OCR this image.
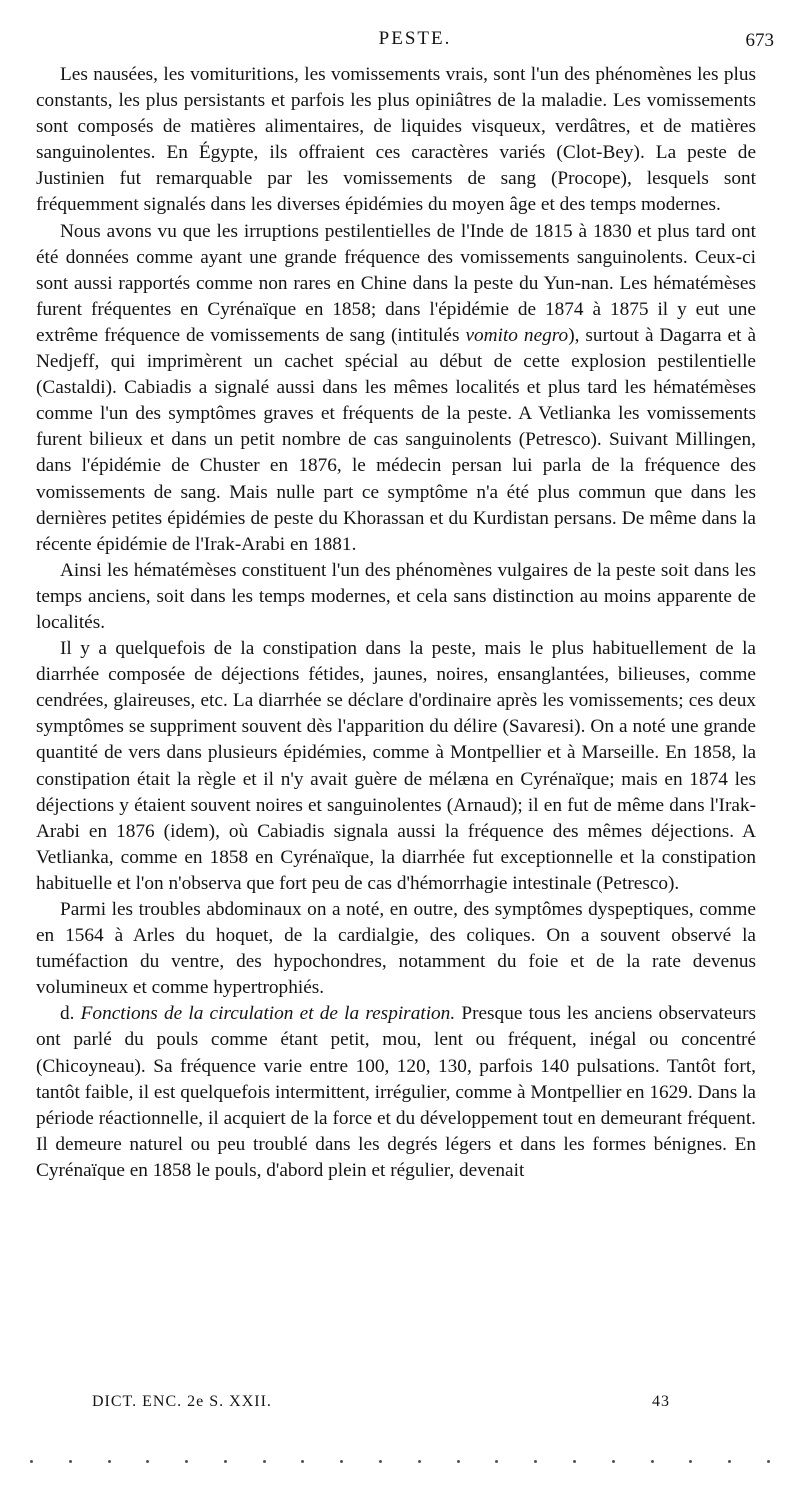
PESTE.	673

Les nausées, les vomituritions, les vomissements vrais, sont l'un des phénomènes les plus constants, les plus persistants et parfois les plus opiniâtres de la maladie. Les vomissements sont composés de matières alimentaires, de liquides visqueux, verdâtres, et de matières sanguinolentes. En Égypte, ils offraient ces caractères variés (Clot-Bey). La peste de Justinien fut remarquable par les vomissements de sang (Procope), lesquels sont fréquemment signalés dans les diverses épidémies du moyen âge et des temps modernes.

Nous avons vu que les irruptions pestilentielles de l'Inde de 1815 à 1830 et plus tard ont été données comme ayant une grande fréquence des vomissements sanguinolents. Ceux-ci sont aussi rapportés comme non rares en Chine dans la peste du Yun-nan. Les hématémèses furent fréquentes en Cyrénaïque en 1858; dans l'épidémie de 1874 à 1875 il y eut une extrême fréquence de vomissements de sang (intitulés vomito negro), surtout à Dagarra et à Nedjeff, qui imprimèrent un cachet spécial au début de cette explosion pestilentielle (Castaldi). Cabiadis a signalé aussi dans les mêmes localités et plus tard les hématémèses comme l'un des symptômes graves et fréquents de la peste. A Vetlianka les vomissements furent bilieux et dans un petit nombre de cas sanguinolents (Petresco). Suivant Millingen, dans l'épidémie de Chuster en 1876, le médecin persan lui parla de la fréquence des vomissements de sang. Mais nulle part ce symptôme n'a été plus commun que dans les dernières petites épidémies de peste du Khorassan et du Kurdistan persans. De même dans la récente épidémie de l'Irak-Arabi en 1881.

Ainsi les hématémèses constituent l'un des phénomènes vulgaires de la peste soit dans les temps anciens, soit dans les temps modernes, et cela sans distinction au moins apparente de localités.

Il y a quelquefois de la constipation dans la peste, mais le plus habituellement de la diarrhée composée de déjections fétides, jaunes, noires, ensanglantées, bilieuses, comme cendrées, glaireuses, etc. La diarrhée se déclare d'ordinaire après les vomissements; ces deux symptômes se suppriment souvent dès l'apparition du délire (Savaresi). On a noté une grande quantité de vers dans plusieurs épidémies, comme à Montpellier et à Marseille. En 1858, la constipation était la règle et il n'y avait guère de mélæna en Cyrénaïque; mais en 1874 les déjections y étaient souvent noires et sanguinolentes (Arnaud); il en fut de même dans l'Irak-Arabi en 1876 (idem), où Cabiadis signala aussi la fréquence des mêmes déjections. A Vetlianka, comme en 1858 en Cyrénaïque, la diarrhée fut exceptionnelle et la constipation habituelle et l'on n'observa que fort peu de cas d'hémorrhagie intestinale (Petresco).

Parmi les troubles abdominaux on a noté, en outre, des symptômes dyspeptiques, comme en 1564 à Arles du hoquet, de la cardialgie, des coliques. On a souvent observé la tuméfaction du ventre, des hypochondres, notamment du foie et de la rate devenus volumineux et comme hypertrophiés.

d. Fonctions de la circulation et de la respiration. Presque tous les anciens observateurs ont parlé du pouls comme étant petit, mou, lent ou fréquent, inégal ou concentré (Chicoyneau). Sa fréquence varie entre 100, 120, 130, parfois 140 pulsations. Tantôt fort, tantôt faible, il est quelquefois intermittent, irrégulier, comme à Montpellier en 1629. Dans la période réactionnelle, il acquiert de la force et du développement tout en demeurant fréquent. Il demeure naturel ou peu troublé dans les degrés légers et dans les formes bénignes. En Cyrénaïque en 1858 le pouls, d'abord plein et régulier, devenait

DICT. ENC. 2e S. XXII.	43
